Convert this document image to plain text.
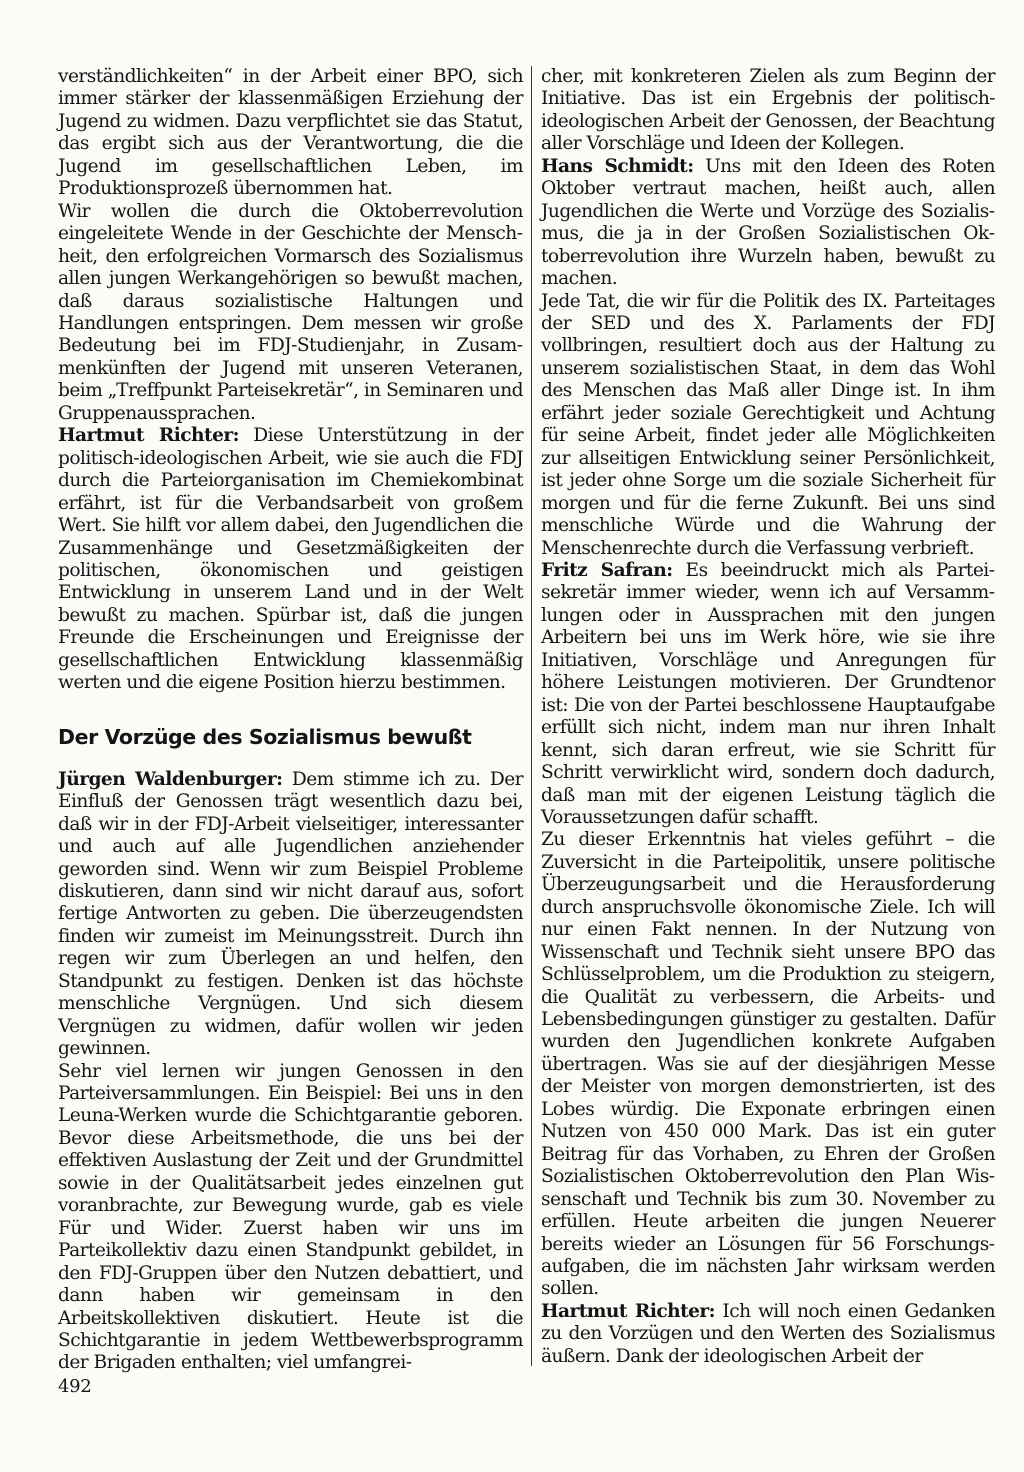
verständlichkeiten“ in der Arbeit einer BPO, sich immer stärker der klassenmäßigen Erziehung der Jugend zu widmen. Dazu verpflichtet sie das Statut, das ergibt sich aus der Verantwortung, die die Jugend im gesellschaftlichen Leben, im Produktionsprozeß übernommen hat.

Wir wollen die durch die Oktoberrevolution eingeleitete Wende in der Geschichte der Menschheit, den erfolgreichen Vormarsch des Sozialismus allen jungen Werkangehörigen so bewußt machen, daß daraus sozialistische Haltungen und Handlungen entspringen. Dem messen wir große Bedeutung bei im FDJ-Studienjahr, in Zusammenkünften der Jugend mit unseren Veteranen, beim „Treffpunkt Parteisekretär“, in Seminaren und Gruppenaussprachen.

Hartmut Richter: Diese Unterstützung in der politisch-ideologischen Arbeit, wie sie auch die FDJ durch die Parteiorganisation im Chemiekombinat erfährt, ist für die Verbandsarbeit von großem Wert. Sie hilft vor allem dabei, den Jugendlichen die Zusammenhänge und Gesetzmäßigkeiten der politischen, ökonomischen und geistigen Entwicklung in unserem Land und in der Welt bewußt zu machen. Spürbar ist, daß die jungen Freunde die Erscheinungen und Ereignisse der gesellschaftlichen Entwicklung klassenmäßig werten und die eigene Position hierzu bestimmen.

Der Vorzüge des Sozialismus bewußt

Jürgen Waldenburger: Dem stimme ich zu. Der Einfluß der Genossen trägt wesentlich dazu bei, daß wir in der FDJ-Arbeit vielseitiger, interessanter und auch auf alle Jugendlichen anziehender geworden sind. Wenn wir zum Beispiel Probleme diskutieren, dann sind wir nicht darauf aus, sofort fertige Antworten zu geben. Die überzeugendsten finden wir zumeist im Meinungsstreit. Durch ihn regen wir zum Überlegen an und helfen, den Standpunkt zu festigen. Denken ist das höchste menschliche Vergnügen. Und sich diesem Vergnügen zu widmen, dafür wollen wir jeden gewinnen.

Sehr viel lernen wir jungen Genossen in den Parteiversammlungen. Ein Beispiel: Bei uns in den Leuna-Werken wurde die Schichtgarantie geboren. Bevor diese Arbeitsmethode, die uns bei der effektiven Auslastung der Zeit und der Grundmittel sowie in der Qualitätsarbeit jedes einzelnen gut voranbrachte, zur Bewegung wurde, gab es viele Für und Wider. Zuerst haben wir uns im Parteikollektiv dazu einen Standpunkt gebildet, in den FDJ-Gruppen über den Nutzen debattiert, und dann haben wir gemeinsam in den Arbeitskollektiven diskutiert. Heute ist die Schichtgarantie in jedem Wettbewerbsprogramm der Brigaden enthalten; viel umfangrei-

cher, mit konkreteren Zielen als zum Beginn der Initiative. Das ist ein Ergebnis der politisch-ideologischen Arbeit der Genossen, der Beachtung aller Vorschläge und Ideen der Kollegen.

Hans Schmidt: Uns mit den Ideen des Roten Oktober vertraut machen, heißt auch, allen Jugendlichen die Werte und Vorzüge des Sozialismus, die ja in der Großen Sozialistischen Oktoberrevolution ihre Wurzeln haben, bewußt zu machen.

Jede Tat, die wir für die Politik des IX. Parteitages der SED und des X. Parlaments der FDJ vollbringen, resultiert doch aus der Haltung zu unserem sozialistischen Staat, in dem das Wohl des Menschen das Maß aller Dinge ist. In ihm erfährt jeder soziale Gerechtigkeit und Achtung für seine Arbeit, findet jeder alle Möglichkeiten zur allseitigen Entwicklung seiner Persönlichkeit, ist jeder ohne Sorge um die soziale Sicherheit für morgen und für die ferne Zukunft. Bei uns sind menschliche Würde und die Wahrung der Menschenrechte durch die Verfassung verbrieft.

Fritz Safran: Es beeindruckt mich als Parteisekretär immer wieder, wenn ich auf Versammlungen oder in Aussprachen mit den jungen Arbeitern bei uns im Werk höre, wie sie ihre Initiativen, Vorschläge und Anregungen für höhere Leistungen motivieren. Der Grundtenor ist: Die von der Partei beschlossene Hauptaufgabe erfüllt sich nicht, indem man nur ihren Inhalt kennt, sich daran erfreut, wie sie Schritt für Schritt verwirklicht wird, sondern doch dadurch, daß man mit der eigenen Leistung täglich die Voraussetzungen dafür schafft.

Zu dieser Erkenntnis hat vieles geführt – die Zuversicht in die Parteipolitik, unsere politische Überzeugungsarbeit und die Herausforderung durch anspruchsvolle ökonomische Ziele. Ich will nur einen Fakt nennen. In der Nutzung von Wissenschaft und Technik sieht unsere BPO das Schlüsselproblem, um die Produktion zu steigern, die Qualität zu verbessern, die Arbeits- und Lebensbedingungen günstiger zu gestalten. Dafür wurden den Jugendlichen konkrete Aufgaben übertragen. Was sie auf der diesjährigen Messe der Meister von morgen demonstrierten, ist des Lobes würdig. Die Exponate erbringen einen Nutzen von 450 000 Mark. Das ist ein guter Beitrag für das Vorhaben, zu Ehren der Großen Sozialistischen Oktoberrevolution den Plan Wissenschaft und Technik bis zum 30. November zu erfüllen. Heute arbeiten die jungen Neuerer bereits wieder an Lösungen für 56 Forschungsaufgaben, die im nächsten Jahr wirksam werden sollen.

Hartmut Richter: Ich will noch einen Gedanken zu den Vorzügen und den Werten des Sozialismus äußern. Dank der ideologischen Arbeit der

492
